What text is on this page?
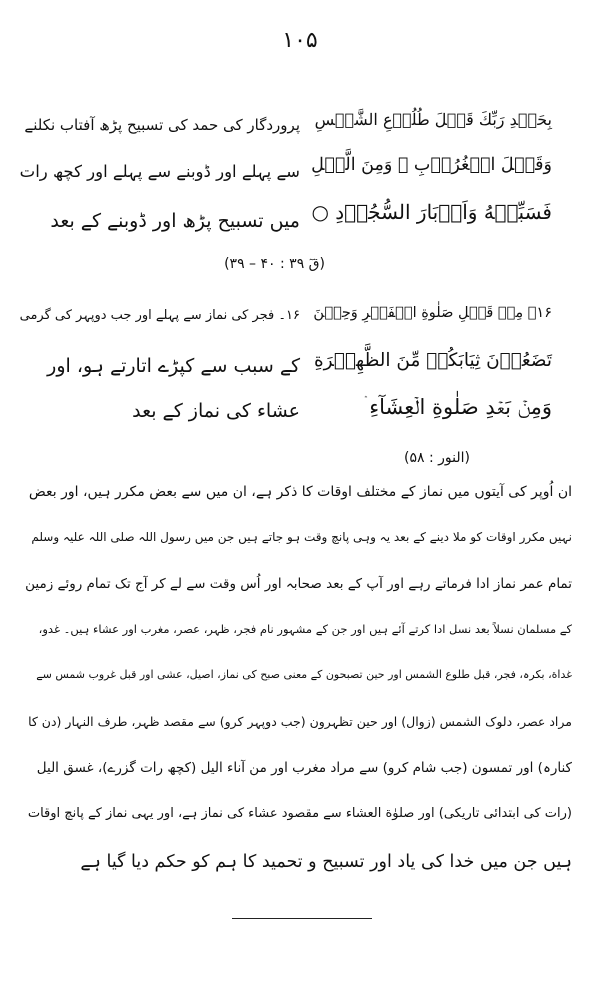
۱۰۵
بِحَمۡدِ رَبِّكَ قَبۡلَ طُلُوۡعِ الشَّمۡسِ
وَقَبۡلَ الۡغُرُوۡبِ ۚ وَمِنَ الَّيۡلِ
فَسَبِّحۡهُ وَاَدۡبَارَ السُّجُوۡدِ ○
پروردگار کی حمد کی تسبیح پڑھ آفتاب نکلنے
سے پہلے اور ڈوبنے سے پہلے اور کچھ رات
میں تسبیح پڑھ اور ڈوبنے کے بعد
(قٓ ۳۹ : ۴۰ – ۳۹)
۱۶۔ مِنۡ قَبۡلِ صَلٰوةِ الۡفَجۡرِ وَحِيۡنَ
تَضَعُوۡنَ ثِيَابَكُمۡ مِّنَ الظَّهِيۡرَةِ
وَمِنۡ بَعۡدِ صَلٰوةِ الۡعِشَآءِ ۛ
۱۶۔ فجر کی نماز سے پہلے اور جب دوپہر کی گرمی
کے سبب سے کپڑے اتارتے ہو، اور
عشاء کی نماز کے بعد
(النور : ۵۸)
ان اُوپر کی آیتوں میں نماز کے مختلف اوقات کا ذکر ہے، ان میں سے بعض مکرر ہیں، اور بعض
نہیں مکرر اوقات کو ملا دینے کے بعد یہ وہی پانچ وقت ہو جاتے ہیں جن میں رسول اللہ صلی اللہ علیہ وسلم
تمام عمر نماز ادا فرماتے رہے اور آپ کے بعد صحابہ اور اُس وقت سے لے کر آج تک تمام روئے زمین
کے مسلمان نسلاً بعد نسل ادا کرتے آئے ہیں اور جن کے مشہور نام فجر، ظہر، عصر، مغرب اور عشاء ہیں۔ غدو،
غداة، بکرہ، فجر، قبل طلوع الشمس اور حین تصبحون کے معنی صبح کی نماز، اصیل، عشی اور قبل غروب شمس سے
مراد عصر، دلوک الشمس (زوال) اور حین تظہرون (جب دوپہر کرو) سے مقصد ظہر، طرف النہار (دن کا
کنارہ) اور تمسون (جب شام کرو) سے مراد مغرب اور من آناء الیل (کچھ رات گزرے)، غسق الیل
(رات کی ابتدائی تاریکی) اور صلوٰة العشاء سے مقصود عشاء کی نماز ہے، اور یہی نماز کے پانچ اوقات
ہیں جن میں خدا کی یاد اور تسبیح و تحمید کا ہم کو حکم دیا گیا ہے
